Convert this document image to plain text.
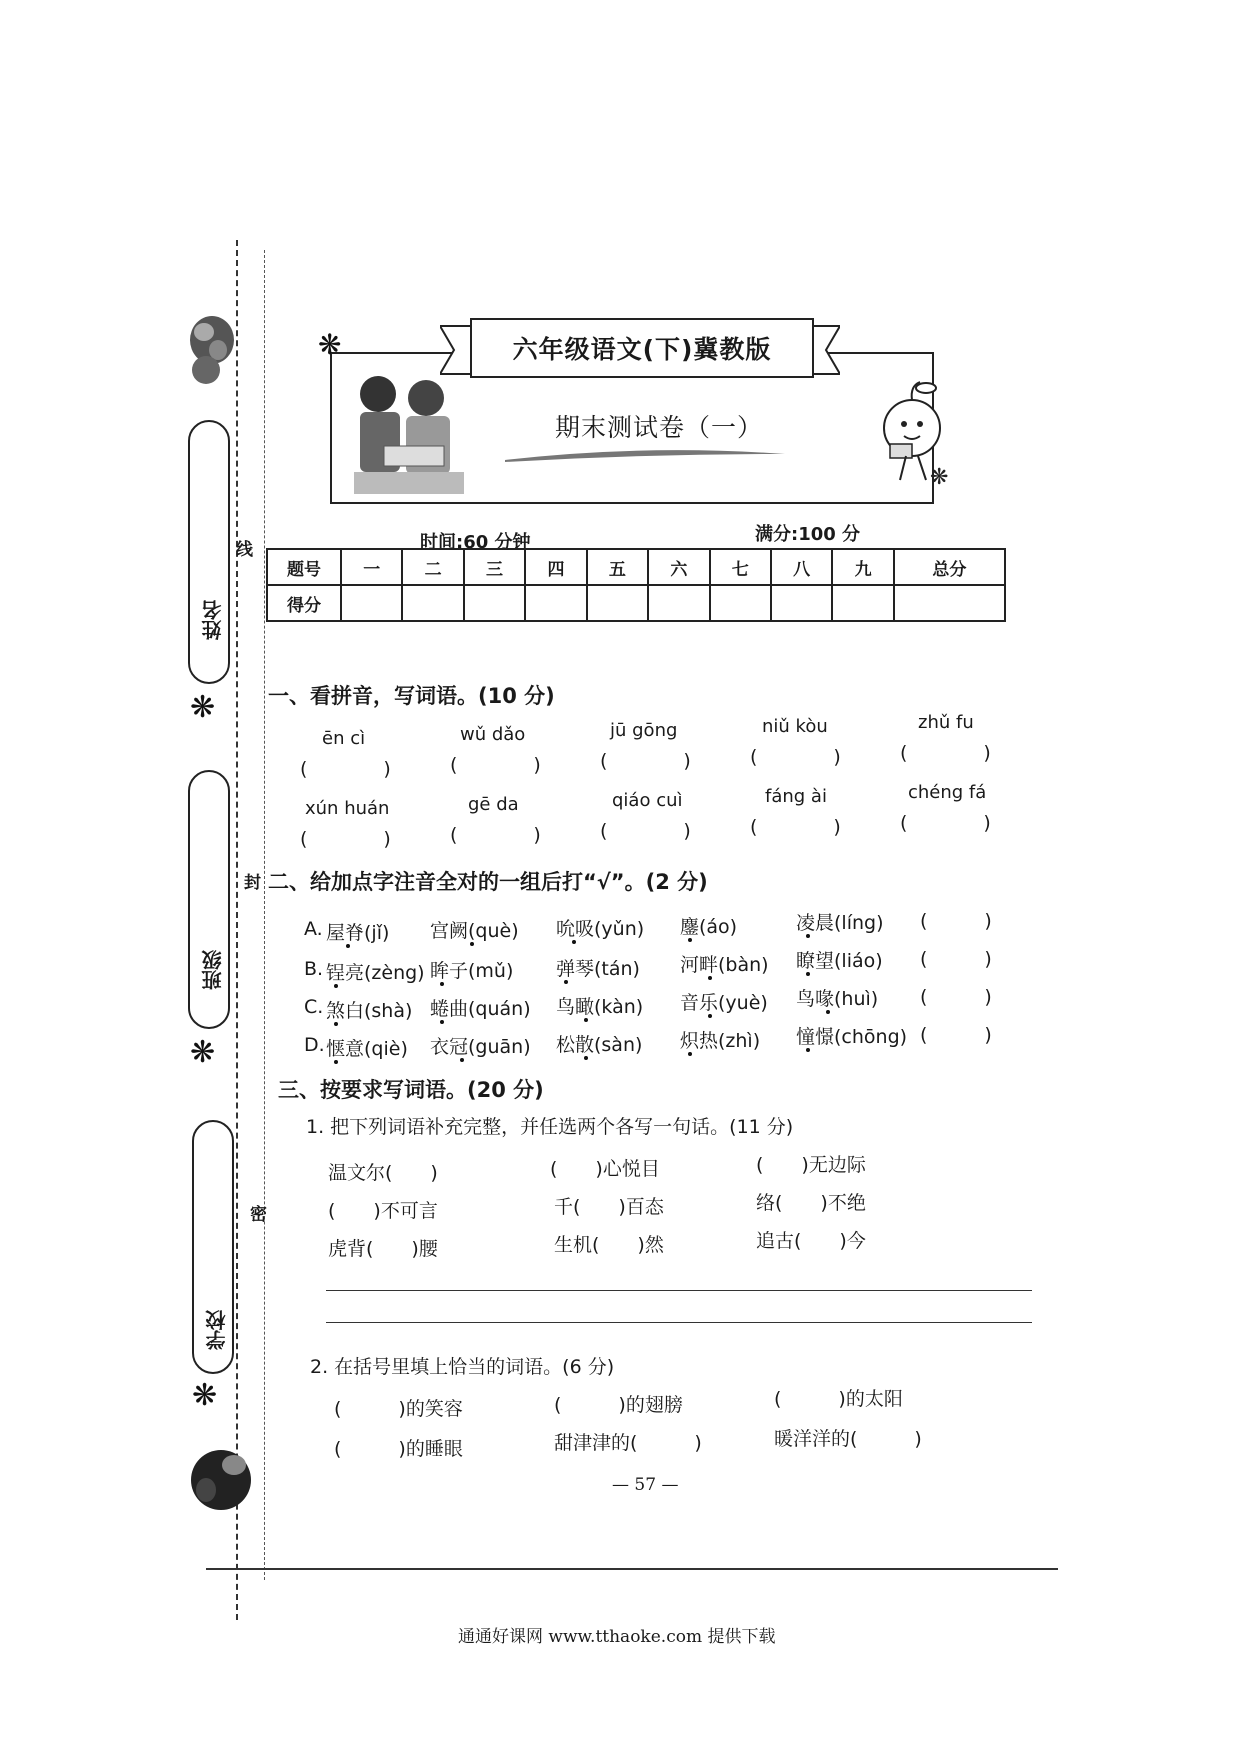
姓名
❋
班级
❋
学校
❋
线
封
密
六年级语文(下)冀教版
期末测试卷（一）
❋
❋
时间:60 分钟	满分:100 分
题号	一	二	三	四	五	六	七	八	九	总分
得分										
一、看拼音，写词语。(10 分)
ēn cì	wǔ dǎo	jū gōng	niǔ kòu	zhǔ fu
(　　　　)	(　　　　)	(　　　　)	(　　　　)	(　　　　)
xún huán	gē da	qiáo cuì	fáng ài	chéng fá
(　　　　)	(　　　　)	(　　　　)	(　　　　)	(　　　　)
二、给加点字注音全对的一组后打“√”。(2 分)
A. 屋脊(jǐ) 宫阙(què) 吮吸(yǔn) 鏖(áo)	凌晨(líng) (　　　)
B. 锃亮(zèng) 眸子(mǔ) 弹琴(tán) 河畔(bàn) 瞭望(liáo) (　　　)
C. 煞白(shà) 蜷曲(quán) 鸟瞰(kàn) 音乐(yuè) 鸟喙(huì) (　　　)
D. 惬意(qiè) 衣冠(guān) 松散(sàn) 炽热(zhì) 憧憬(chōng) (　　　)
三、按要求写词语。(20 分)
1. 把下列词语补充完整，并任选两个各写一句话。(11 分)
温文尔(　　)	(　　)心悦目	(　　)无边际
(　　)不可言	千(　　)百态	络(　　)不绝
虎背(　　)腰	生机(　　)然	追古(　　)今
2. 在括号里填上恰当的词语。(6 分)
(　　　)的笑容	(　　　)的翅膀	(　　　)的太阳
(　　　)的睡眼	甜津津的(　　　)	暖洋洋的(　　　)
— 57 —
通通好课网 www.tthaoke.com 提供下载
